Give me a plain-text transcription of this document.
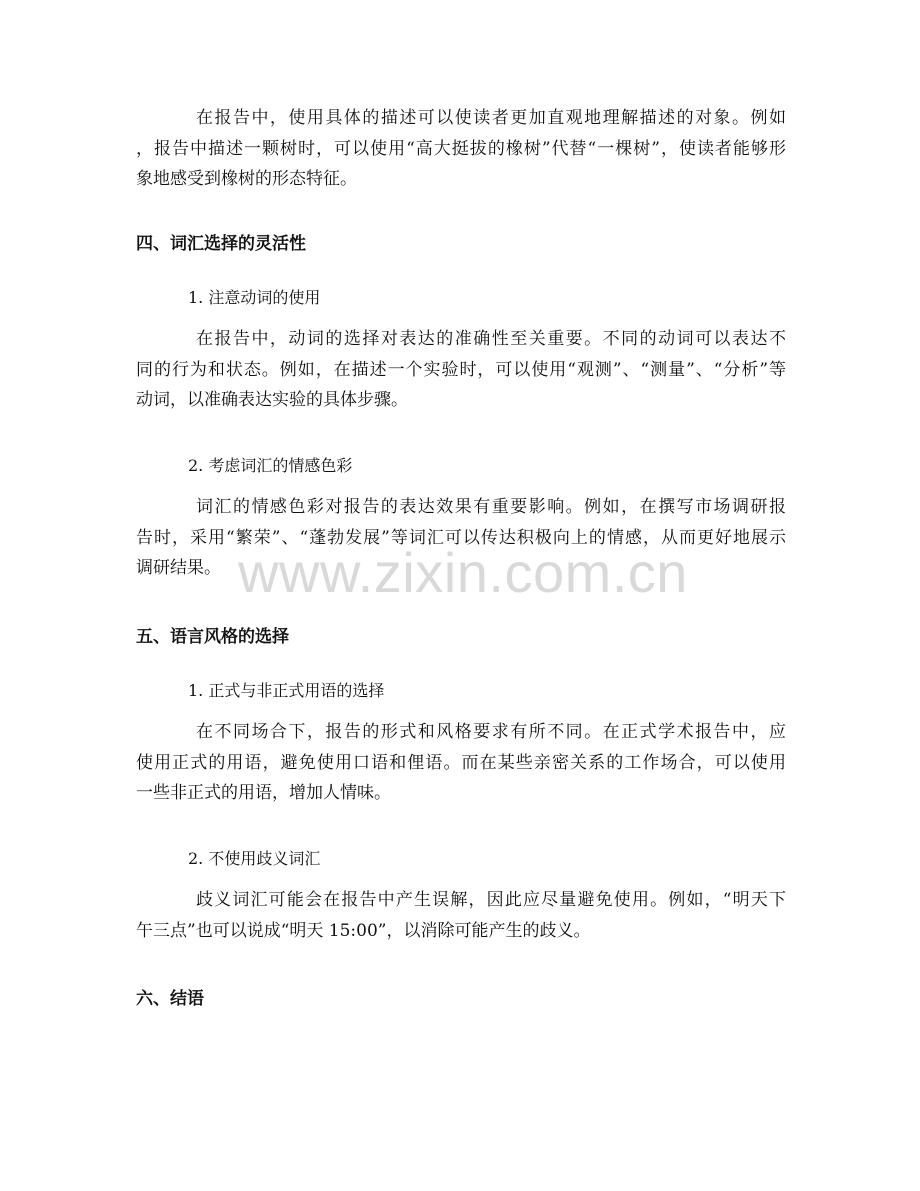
在报告中，使用具体的描述可以使读者更加直观地理解描述的对象。例如
，报告中描述一颗树时，可以使用“高大挺拔的橡树”代替“一棵树”，使读者能够形
象地感受到橡树的形态特征。

四、词汇选择的灵活性

1. 注意动词的使用

在报告中，动词的选择对表达的准确性至关重要。不同的动词可以表达不
同的行为和状态。例如，在描述一个实验时，可以使用“观测”、“测量”、“分析”等
动词，以准确表达实验的具体步骤。

2. 考虑词汇的情感色彩

词汇的情感色彩对报告的表达效果有重要影响。例如，在撰写市场调研报
告时，采用“繁荣”、“蓬勃发展”等词汇可以传达积极向上的情感，从而更好地展示
调研结果。

五、语言风格的选择

1. 正式与非正式用语的选择

在不同场合下，报告的形式和风格要求有所不同。在正式学术报告中，应
使用正式的用语，避免使用口语和俚语。而在某些亲密关系的工作场合，可以使用
一些非正式的用语，增加人情味。

2. 不使用歧义词汇

歧义词汇可能会在报告中产生误解，因此应尽量避免使用。例如，“明天下
午三点”也可以说成“明天 15:00”，以消除可能产生的歧义。

六、结语
www.zixin.com.cn
